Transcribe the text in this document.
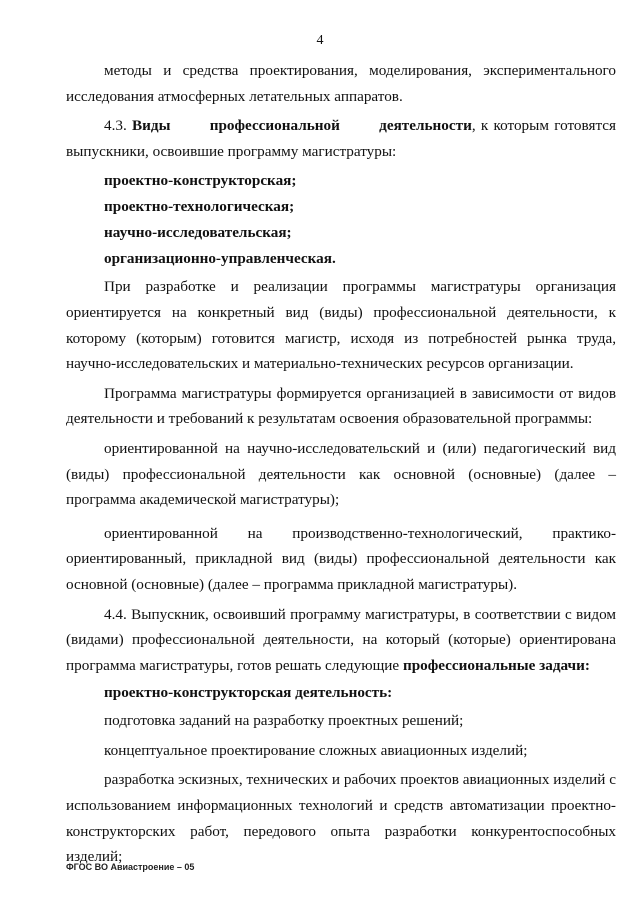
4

методы и средства проектирования, моделирования, экспериментального исследования атмосферных летательных аппаратов.

4.3. Виды профессиональной деятельности, к которым готовятся выпускники, освоившие программу магистратуры:

проектно-конструкторская;

проектно-технологическая;

научно-исследовательская;

организационно-управленческая.

При разработке и реализации программы магистратуры организация ориентируется на конкретный вид (виды) профессиональной деятельности, к которому (которым) готовится магистр, исходя из потребностей рынка труда, научно-исследовательских и материально-технических ресурсов организации.

Программа магистратуры формируется организацией в зависимости от видов деятельности и требований к результатам освоения образовательной программы:

ориентированной на научно-исследовательский и (или) педагогический вид (виды) профессиональной деятельности как основной (основные) (далее – программа академической магистратуры);

ориентированной на производственно-технологический, практико-ориентированный, прикладной вид (виды) профессиональной деятельности как основной (основные) (далее – программа прикладной магистратуры).

4.4. Выпускник, освоивший программу магистратуры, в соответствии с видом (видами) профессиональной деятельности, на который (которые) ориентирована программа магистратуры, готов решать следующие профессиональные задачи:

проектно-конструкторская деятельность:

подготовка заданий на разработку проектных решений;

концептуальное проектирование сложных авиационных изделий;

разработка эскизных, технических и рабочих проектов авиационных изделий с использованием информационных технологий и средств автоматизации проектно-конструкторских работ, передового опыта разработки конкурентоспособных изделий;

ФГОС ВО Авиастроение – 05
